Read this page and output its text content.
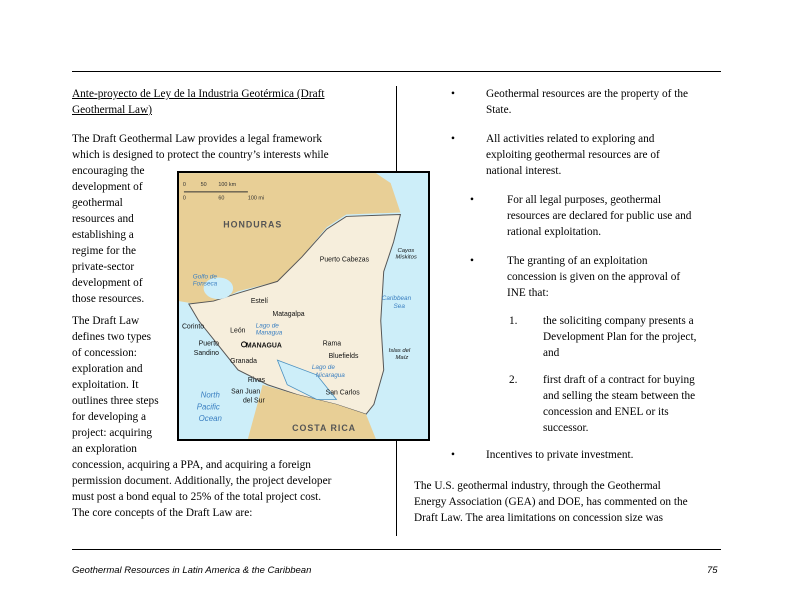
Ante-proyecto de Ley de la Industria Geotérmica (Draft
Geothermal Law)
The Draft Geothermal Law provides a legal framework
which is designed to protect the country’s interests while
encouraging the
development of
geothermal
resources and
establishing a
regime for the
private-sector
development of
those resources.
The Draft Law
defines two types
of concession:
exploration and
exploitation. It
outlines three steps
for developing a
project: acquiring
an exploration
concession, acquiring a PPA, and acquiring a foreign
permission document. Additionally, the project developer
must post a bond equal to 25% of the total project cost.
The core concepts of the Draft Law are:
•	Geothermal resources are the property of the
State.
•	All activities related to exploring and
exploiting geothermal resources are of
national interest.
•	For all legal purposes, geothermal
resources are declared for public use and
rational exploitation.
•	The granting of an exploitation
concession is given on the approval of
INE that:
1. the soliciting company presents a
Development Plan for the project,
and
2. first draft of a contract for buying
and selling the steam between the
concession and ENEL or its
successor.
•	Incentives to private investment.
The U.S. geothermal industry, through the Geothermal
Energy Association (GEA) and DOE, has commented on the
Draft Law. The area limitations on concession size was
0	50 100 km
0	60	100 mi
HONDURAS
COSTA RICA
Puerto Cabezas
Estelí
Matagalpa
Corinto
León
Puerto
Sandino
MANAGUA
Granada
Rivas
San Juan
del Sur
Rama
Bluefields
San Carlos
Golfo de
Fonseca
Lago de
Managua
Lago de
Nicaragua
Caribbean
Sea
North
Pacific
Ocean
Cayos
Miskitos
Islas del
Maíz
Geothermal Resources in Latin America & the Caribbean	75
